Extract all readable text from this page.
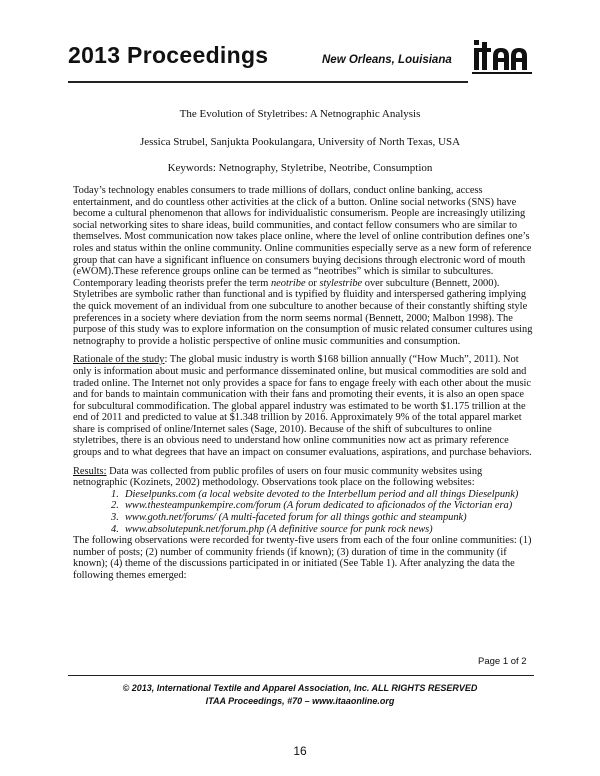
2013 Proceedings	New Orleans, Louisiana
The Evolution of Styletribes: A Netnographic Analysis
Jessica Strubel, Sanjukta Pookulangara, University of North Texas, USA
Keywords: Netnography, Styletribe, Neotribe, Consumption

Today’s technology enables consumers to trade millions of dollars, conduct online banking, access entertainment, and do countless other activities at the click of a button. Online social networks (SNS) have become a cultural phenomenon that allows for individualistic consumerism. People are increasingly utilizing social networking sites to share ideas, build communities, and contact fellow consumers who are similar to themselves. Most communication now takes place online, where the level of online contribution defines one’s roles and status within the online community. Online communities especially serve as a new form of reference group that can have a significant influence on consumers buying decisions through electronic word of mouth (eWOM).These reference groups online can be termed as “neotribes” which is similar to subcultures. Contemporary leading theorists prefer the term neotribe or stylestribe over subculture (Bennett, 2000). Styletribes are symbolic rather than functional and is typified by fluidity and interspersed gathering implying the quick movement of an individual from one subculture to another because of their constantly shifting style preferences in a society where deviation from the norm seems normal (Bennett, 2000; Malbon 1998). The purpose of this study was to explore information on the consumption of music related consumer cultures using netnography to provide a holistic perspective of online music communities and consumption.

Rationale of the study: The global music industry is worth $168 billion annually (“How Much”, 2011). Not only is information about music and performance disseminated online, but musical commodities are sold and traded online. The Internet not only provides a space for fans to engage freely with each other about the music and for bands to maintain communication with their fans and promoting their events, it is also an open space for subcultural commodification. The global apparel industry was estimated to be worth $1.175 trillion at the end of 2011 and predicted to value at $1.348 trillion by 2016. Approximately 9% of the total apparel market share is comprised of online/Internet sales (Sage, 2010). Because of the shift of subcultures to online styletribes, there is an obvious need to understand how online communities now act as primary reference groups and to what degrees that have an impact on consumer evaluations, aspirations, and purchase behaviors.

Results: Data was collected from public profiles of users on four music community websites using netnographic (Kozinets, 2002) methodology. Observations took place on the following websites:
1. Dieselpunks.com (a local website devoted to the Interbellum period and all things Dieselpunk)
2. www.thesteampunkempire.com/forum (A forum dedicated to aficionados of the Victorian era)
3. www.goth.net/forums/ (A multi-faceted forum for all things gothic and steampunk)
4. www.absolutepunk.net/forum.php (A definitive source for punk rock news)
The following observations were recorded for twenty-five users from each of the four online communities: (1) number of posts; (2) number of community friends (if known); (3) duration of time in the community (if known); (4) theme of the discussions participated in or initiated (See Table 1). After analyzing the data the following themes emerged:
Page 1 of 2
© 2013, International Textile and Apparel Association, Inc. ALL RIGHTS RESERVED
ITAA Proceedings, #70 – www.itaaonline.org
16
